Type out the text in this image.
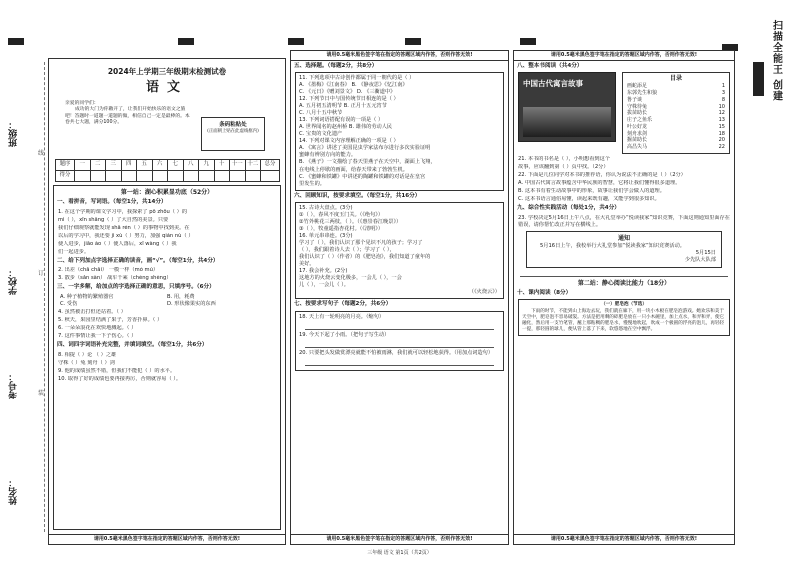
班级：
学校：
考号：
姓名：
线
订
装
2024年上学期三年级期末检测试卷
语文
亲爱的同学们：
成功的大门为你敞开了，让我们开始快乐的语文之旅吧！答题时一道题一道题的做，相信自己一定是最棒的。本卷共七大题，满分100分。	条码粘贴处
(正面朝上贴在此虚线框内)
题序	一	二	三	四	五	六	七	八	九	十	十一	十二	总分
得分													
第一站：湖心积累显功底（52分）
一、看拼音，写词语。（每空1分，共14分）
1. 在这个学期的课文学习中，我探索了 pō zhōu（ ）的
mì（ ），xīn shǎng（ ）了大自然的美景。只要
我们仔细观察就能发现 shā rén（ ）的事物中找到美。在
以后的学习中，我还要 jì xù（ ）努力，加强 qián nù（ ）
使人进步，jiāo ào（ ）使人落后，xī wàng（ ）我
们一起进步。
二、给下列加点字选择正确的读音，画“√”。（每空1分，共4分）
2. 出差（chā chāi） 一模一样（mó mú）
3. 散步（sǎn sàn） 战车千乘（chéng shèng）
三、一字多解，给加点的字选择正确的意思，只填序号。（6分）
A. 种子植物的繁殖器官	B. 用，耗费
C. 受伤	D. 形状像果实的东西
4. 虽然被击打但还站着。（ ）
5. 秋天，果园里结满了果子，芳香扑鼻。（ ）
6. 一朵朵浪花在欢快地溅起。（ ）
7. 这件事情让我一下子伤心。（ ）
四、词四字词语补充完整，并填词填空。（每空1分，共6分）
8. 相提（ ）论 （ ）之雄
守株（ ）兔 刻舟（ ）剑
9. 他的成绩虽然不错，但我们不能犯（ ）的水平。
10. 取得了好的成绩也要再接再厉，否则就容易（ ）。
请用0.5毫米黑色签字笔在指定的答题区域内作答，否则作答无效!
请用0.5毫米黑色签字笔在指定的答题区域内作答，否则作答无效!
五、选择题。（每题2分，共8分）
11. 下列选项中古诗创作都属于同一朝代的是（ ）
A. 《墨梅》《江南春》 B. 《静夜思》《忆江南》
C. 《元日》《赠刘景文》 D. 《三衢道中》
12. 下列节日中与国传统节日相连的是（ ）
A. 五月初五清明节 B. 正月十五元宵节
C. 八月十五中秋节
13. 下列词语搭配有误的一项是（ ）
A. 世界闻名的赵州桥 B. 雄伟的劳动人民
C. 宝贵的文化遗产
14. 下列对课文内容理解正确的一项是（ ）
A. 《寓言》讲述了美国昆虫学家法布尔进行多次实验证明
蜜蜂有辨别方向的能力。
B. 《燕子》一文描绘了春天里燕子在天空中，湖面上飞翔，
在电线上停歇的画面，给春天带来了勃勃生机。
C. 《蜜蜂和铁罐》中讲述的陶罐和铁罐的对话是在皇宫
里发生的。
六、回顾知识，按要求填空。（每空1分，共16分）
15. 古诗大盘点。(3分)
①（ ），春风不度玉门关。（《绝句》）
②竹外桃花三两枝，（ ）。（《惠崇春江晚景》）
③（ ），牧童遥指杏花村。（《清明》）
16. 单元串串连。(3分)
学习了（ ），我们认识了那个见识不凡的孩子；学习了
（ ），我们跟着诗人去（ ）；学习了（ ），
我们认识了（ ）（作者）的《肥皂泡》，我们知道了童年的
美好。
17. 我会补充。(2分)
这地方的火烧云变化极多，一会儿（ ），一会
儿（ ），一会儿（ ）。
（《火烧云》）
七、按要求写句子（每题2分，共6分）
18. 天上有一轮明亮的月亮。（缩句）
19. 今天下起了小雨。（把句子写生动）
20. 只要把头发做赏漂亮就能不怕被雨淋，我们就可以轻松地获得。（用加点词造句）
请用0.5毫米黑色签字笔在指定的答题区域内作答，否则作答无效!
请用0.5毫米黑色签字笔在指定的答题区域内作答，否则作答无效!
八、整本书阅读（共4分）
中国古代寓言故事
目录
画蛇添足	1
东郭先生和狼	3
鲁子谈	8
守株待兔	10
拔苗助长	12
庄子之鱼乐	13
叶公好龙	15
刻舟求剑	18
揠苗助长	20
高昌失马	22
21. 本书的书名是（ ），小明想看到这个
故事，应该翻到第（ ）页中找。（2分）
22. 下面是几位同学对本书的推荐语，你认为说法不正确的是（ ）（2分）
A. 中国古代寓言故事蕴含中华民族的智慧，它将让我们懂得很多道理。
B. 这本书有着生动故事中的形象，故事让我们学会做人的道理。
C. 这本书语言通俗易懂，读起来既有趣，又能学到很多知识。
九、综合性实践活动（每处1分，共4分）
23. 学校决定5月16日上午八点，在大礼堂举办“悦读我家”知识竞赛，下面这则通知里面存在错误，请你帮忙改正并写在横线上。
通知
5月16日上午，我校举行大礼堂参加“悦读我家”知识竞赛活动。
5月15日
少先队大队部
第二站：静心阅读比能力（18分）
十、课内阅读（8分）
（一）肥皂泡（节选）
下雨的时节，不能到山上海边去玩，我们就在廊下，用一块小木板在肥皂泡游戏。她欢乐和美于天空中，肥皂泡不容易破裂。方法是把用剩的碎肥皂放在一只小木碗里，加上点水，和弄和弄，使它融化，然后用一支竹笔管，蘸上那粘稠的肥皂水，慢慢地吹起，吹成一个极圆的浮亮的泡儿，再轻轻一提，那轻圆的球儿，便从管上落了下来，软悠悠地在空中飘浮。
请用0.5毫米黑色签字笔在指定的答题区域内作答，否则作答无效!
三年级 语文 第1页（共2页）
扫描全能王 创建
